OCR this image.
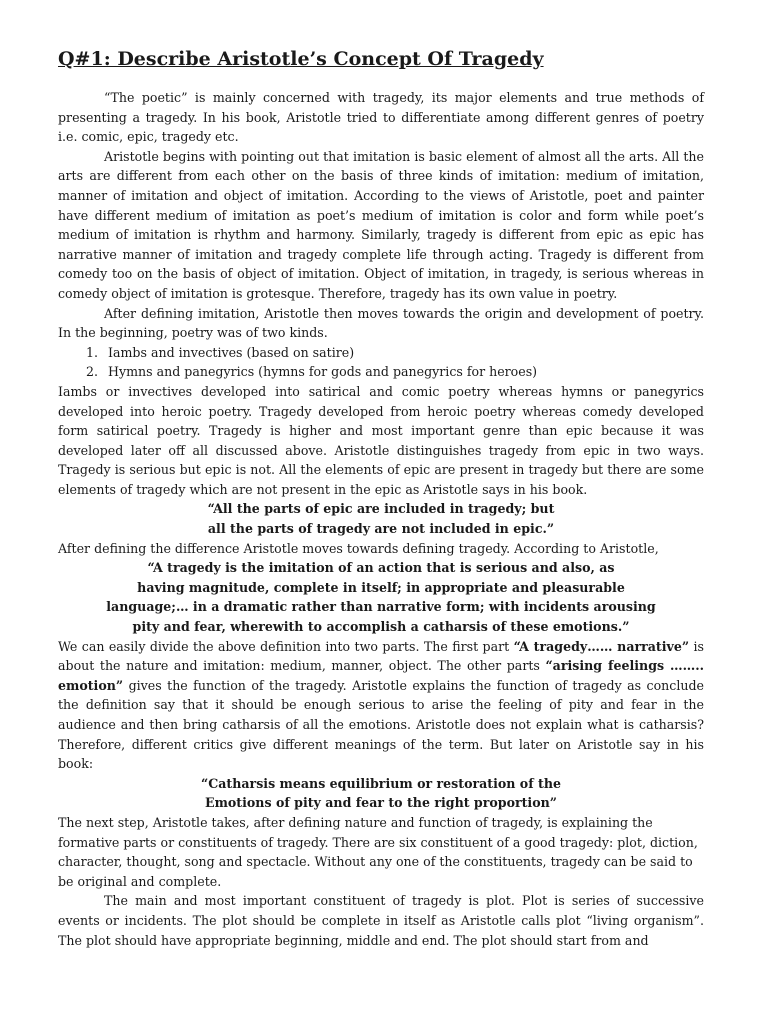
Q#1: Describe Aristotle’s Concept Of Tragedy

“The poetic” is mainly concerned with tragedy, its major elements and true methods of presenting a tragedy. In his book, Aristotle tried to differentiate among different genres of poetry i.e. comic, epic, tragedy etc.

Aristotle begins with pointing out that imitation is basic element of almost all the arts. All the arts are different from each other on the basis of three kinds of imitation: medium of imitation, manner of imitation and object of imitation. According to the views of Aristotle, poet and painter have different medium of imitation as poet’s medium of imitation is color and form while poet’s medium of imitation is rhythm and harmony. Similarly, tragedy is different from epic as epic has narrative manner of imitation and tragedy complete life through acting. Tragedy is different from comedy too on the basis of object of imitation. Object of imitation, in tragedy, is serious whereas in comedy object of imitation is grotesque. Therefore, tragedy has its own value in poetry.

After defining imitation, Aristotle then moves towards the origin and development of poetry. In the beginning, poetry was of two kinds.

1. Iambs and invectives (based on satire)
2. Hymns and panegyrics (hymns for gods and panegyrics for heroes)

Iambs or invectives developed into satirical and comic poetry whereas hymns or panegyrics developed into heroic poetry. Tragedy developed from heroic poetry whereas comedy developed form satirical poetry. Tragedy is higher and most important genre than epic because it was developed later off all discussed above. Aristotle distinguishes tragedy from epic in two ways. Tragedy is serious but epic is not. All the elements of epic are present in tragedy but there are some elements of tragedy which are not present in the epic as Aristotle says in his book.

“All the parts of epic are included in tragedy; but

all the parts of tragedy are not included in epic.”

After defining the difference Aristotle moves towards defining tragedy. According to Aristotle,

“A tragedy is the imitation of an action that is serious and also, as

having magnitude, complete in itself; in appropriate and pleasurable

language;… in a dramatic rather than narrative form; with incidents arousing

pity and fear, wherewith to accomplish a catharsis of these emotions.”

We can easily divide the above definition into two parts. The first part “A tragedy…… narrative” is about the nature and imitation: medium, manner, object. The other parts “arising feelings …….. emotion” gives the function of the tragedy. Aristotle explains the function of tragedy as conclude the definition say that it should be enough serious to arise the feeling of pity and fear in the audience and then bring catharsis of all the emotions. Aristotle does not explain what is catharsis? Therefore, different critics give different meanings of the term. But later on Aristotle say in his book:

“Catharsis means equilibrium or restoration of the

Emotions of pity and fear to the right proportion”

The next step, Aristotle takes, after defining nature and function of tragedy, is explaining the formative parts or constituents of tragedy. There are six constituent of a good tragedy: plot, diction, character, thought, song and spectacle. Without any one of the constituents, tragedy can be said to be original and complete.

The main and most important constituent of tragedy is plot. Plot is series of successive events or incidents. The plot should be complete in itself as Aristotle calls plot “living organism”. The plot should have appropriate beginning, middle and end. The plot should start from and
